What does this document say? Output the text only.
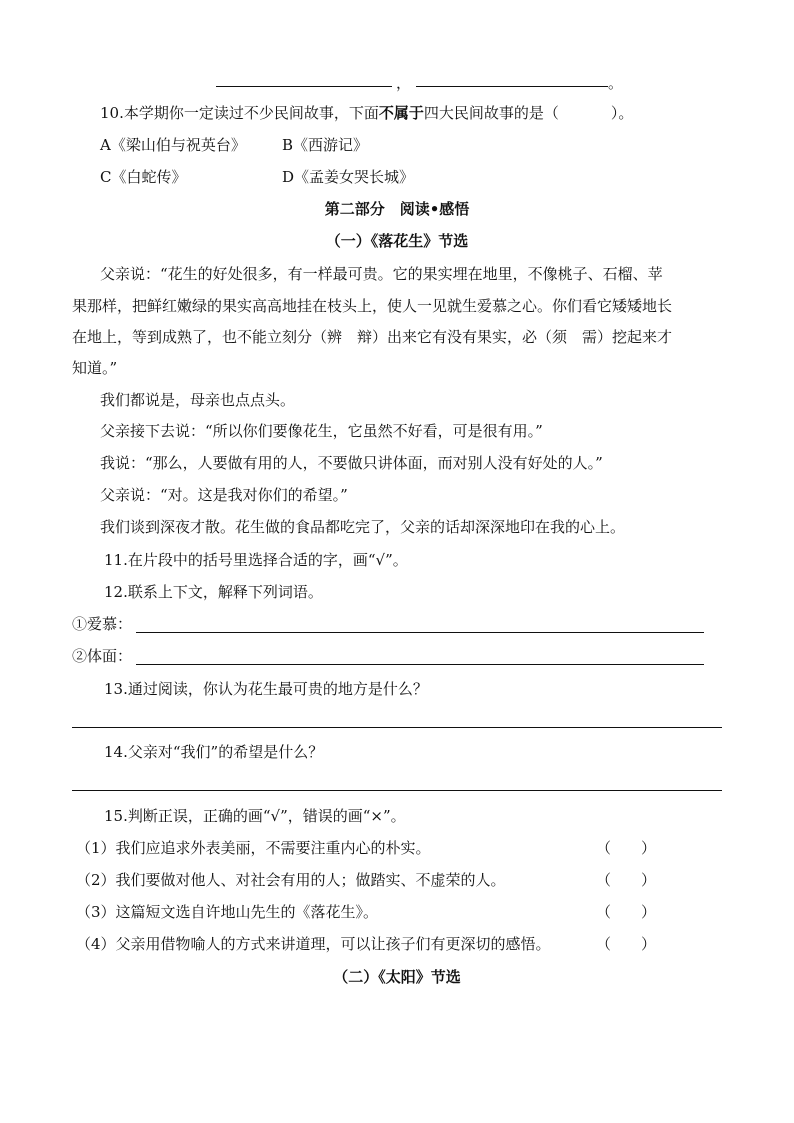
，	。
10.本学期你一定读过不少民间故事，下面不属于四大民间故事的是（	）。
A《梁山伯与祝英台》 B《西游记》
C《白蛇传》	D《孟姜女哭长城》
第二部分　阅读•感悟
（一）《落花生》节选
父亲说：“花生的好处很多，有一样最可贵。它的果实埋在地里，不像桃子、石榴、苹
果那样，把鲜红嫩绿的果实高高地挂在枝头上，使人一见就生爱慕之心。你们看它矮矮地长
在地上，等到成熟了，也不能立刻分（辨　辩）出来它有没有果实，必（须　需）挖起来才
知道。”
我们都说是，母亲也点点头。
父亲接下去说：“所以你们要像花生，它虽然不好看，可是很有用。”
我说：“那么，人要做有用的人，不要做只讲体面，而对别人没有好处的人。”
父亲说：“对。这是我对你们的希望。”
我们谈到深夜才散。花生做的食品都吃完了，父亲的话却深深地印在我的心上。
11.在片段中的括号里选择合适的字，画“√”。
12.联系上下文，解释下列词语。
①爱慕：
②体面：
13.通过阅读，你认为花生最可贵的地方是什么？
14.父亲对“我们”的希望是什么？
15.判断正误，正确的画“√”，错误的画“×”。
（1）我们应追求外表美丽，不需要注重内心的朴实。	（　　）
（2）我们要做对他人、对社会有用的人；做踏实、不虚荣的人。	（　　）
（3）这篇短文选自许地山先生的《落花生》。	（　　）
（4）父亲用借物喻人的方式来讲道理，可以让孩子们有更深切的感悟。	（　　）
（二）《太阳》节选
